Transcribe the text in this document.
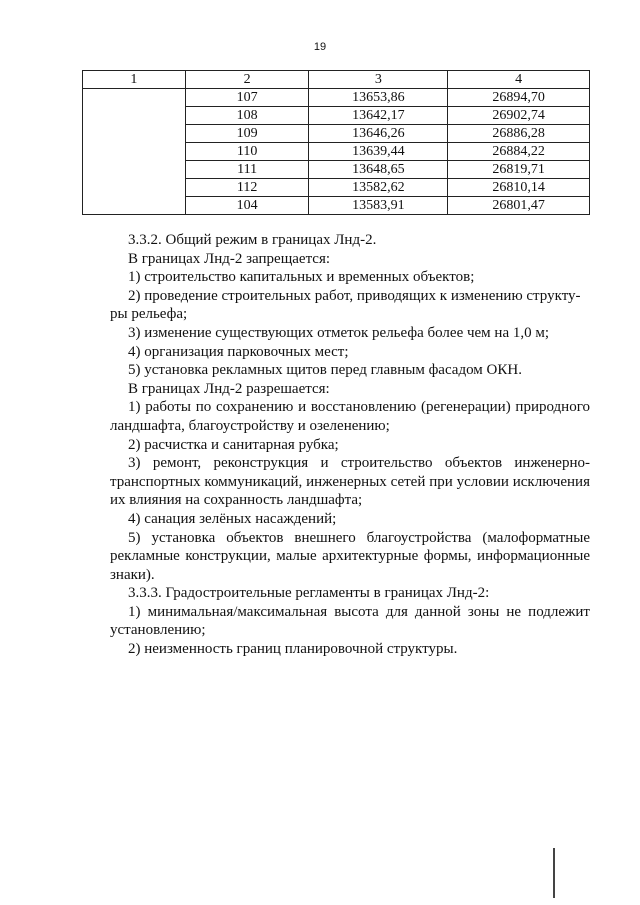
19
1	2	3	4
	107	13653,86	26894,70
	108	13642,17	26902,74
	109	13646,26	26886,28
	110	13639,44	26884,22
	111	13648,65	26819,71
	112	13582,62	26810,14
	104	13583,91	26801,47

3.3.2. Общий режим в границах Лнд-2.

В границах Лнд-2 запрещается:

1) строительство капитальных и временных объектов;

2) проведение строительных работ, приводящих к изменению структу-

ры рельефа;

3) изменение существующих отметок рельефа более чем на 1,0 м;

4) организация парковочных мест;

5) установка рекламных щитов перед главным фасадом ОКН.

В границах Лнд-2 разрешается:

1) работы по сохранению и восстановлению (регенерации) природного ландшафта, благоустройству и озеленению;

2) расчистка и санитарная рубка;

3) ремонт, реконструкция и строительство объектов инженерно-транспортных коммуникаций, инженерных сетей при условии исключения их влияния на сохранность ландшафта;

4) санация зелёных насаждений;

5) установка объектов внешнего благоустройства (малоформатные рекламные конструкции, малые архитектурные формы, информационные знаки).

3.3.3. Градостроительные регламенты в границах Лнд-2:

1) минимальная/максимальная высота для данной зоны не подлежит установлению;

2) неизменность границ планировочной структуры.
